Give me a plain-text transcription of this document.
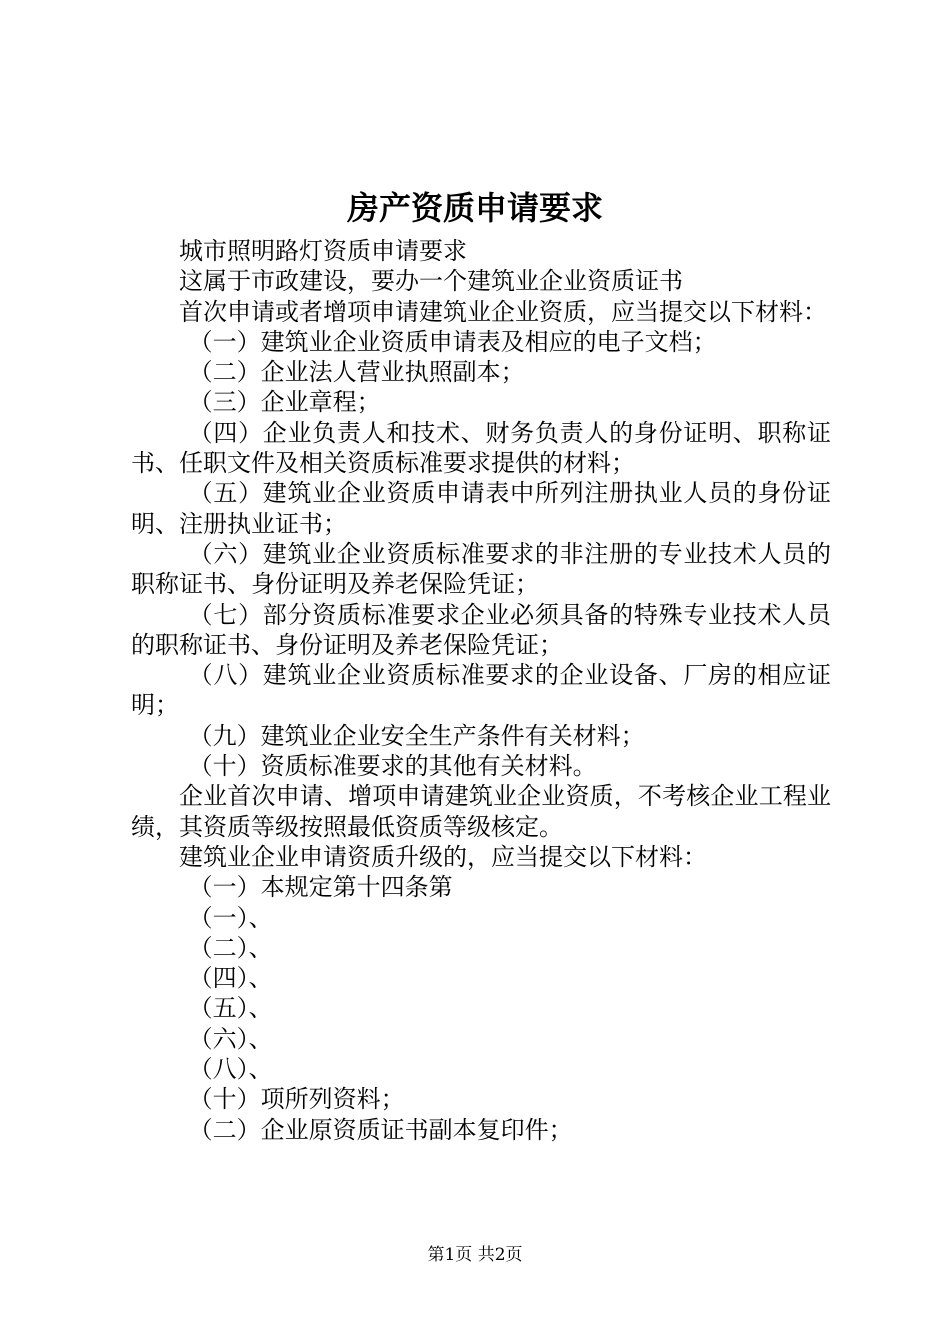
房产资质申请要求

城市照明路灯资质申请要求

这属于市政建设，要办一个建筑业企业资质证书

首次申请或者增项申请建筑业企业资质，应当提交以下材料：

（一）建筑业企业资质申请表及相应的电子文档；

（二）企业法人营业执照副本；

（三）企业章程；

（四）企业负责人和技术、财务负责人的身份证明、职称证书、任职文件及相关资质标准要求提供的材料；

（五）建筑业企业资质申请表中所列注册执业人员的身份证明、注册执业证书；

（六）建筑业企业资质标准要求的非注册的专业技术人员的职称证书、身份证明及养老保险凭证；

（七）部分资质标准要求企业必须具备的特殊专业技术人员的职称证书、身份证明及养老保险凭证；

（八）建筑业企业资质标准要求的企业设备、厂房的相应证明；

（九）建筑业企业安全生产条件有关材料；

（十）资质标准要求的其他有关材料。

企业首次申请、增项申请建筑业企业资质，不考核企业工程业绩，其资质等级按照最低资质等级核定。

建筑业企业申请资质升级的，应当提交以下材料：

（一）本规定第十四条第

（一）、

（二）、

（四）、

（五）、

（六）、

（八）、

（十）项所列资料；

（二）企业原资质证书副本复印件；

第1页 共2页
